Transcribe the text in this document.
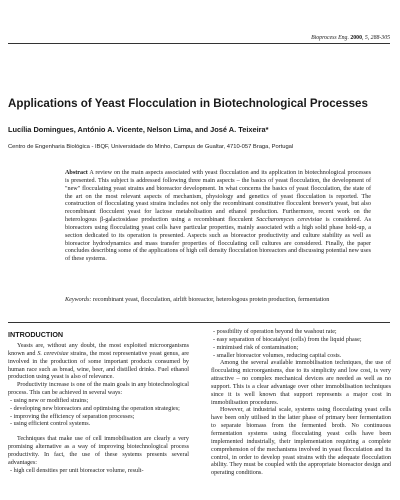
Bioprocess Eng. 2000, 5, 288-305
Applications of Yeast Flocculation in Biotechnological Processes
Lucília Domingues, António A. Vicente, Nelson Lima, and José A. Teixeira*
Centro de Engenharia Biológica - IBQF, Universidade do Minho, Campus de Gualtar, 4710-057 Braga, Portugal

Abstract A review on the main aspects associated with yeast flocculation and its application in biotechnological processes is presented. This subject is addressed following three main aspects – the basics of yeast flocculation, the development of "new" flocculating yeast strains and bioreactor development. In what concerns the basics of yeast flocculation, the state of the art on the most relevant aspects of mechanism, physiology and genetics of yeast flocculation is reported. The construction of flocculating yeast strains includes not only the recombinant constitutive flocculent brewer's yeast, but also recombinant flocculent yeast for lactose metabolisation and ethanol production. Furthermore, recent work on the heterologous β-galactosidase production using a recombinant flocculent Saccharomyces cerevisiae is considered. As bioreactors using flocculating yeast cells have particular properties, mainly associated with a high solid phase hold-up, a section dedicated to its operation is presented. Aspects such as bioreactor productivity and culture stability as well as bioreactor hydrodynamics and mass transfer properties of flocculating cell cultures are considered. Finally, the paper concludes describing some of the applications of high cell density flocculation bioreactors and discussing potential new uses of these systems.

Keywords: recombinant yeast, flocculation, airlift bioreactor, heterologous protein production, fermentation
INTRODUCTION

Yeasts are, without any doubt, the most exploited microorganisms known and S. cerevisiae strains, the most representative yeast genus, are involved in the production of some important products consumed by human race such as bread, wine, beer, and distilled drinks. Fuel ethanol production using yeast is also of relevance.

Productivity increase is one of the main goals in any biotechnological process. This can be achieved in several ways:

- using new or modified strains;
- developing new bioreactors and optimising the operation strategies;
- improving the efficiency of separation processes;
- using efficient control systems.

Techniques that make use of cell immobilisation are clearly a very promising alternative as a way of improving biotechnological process productivity. In fact, the use of these systems presents several advantages:

- high cell densities per unit bioreactor volume, result-
- possibility of operation beyond the washout rate;
- easy separation of biocatalyst (cells) from the liquid phase;
- minimised risk of contamination;
- smaller bioreactor volumes, reducing capital costs.

Among the several available immobilisation techniques, the use of flocculating microorganisms, due to its simplicity and low cost, is very attractive – no complex mechanical devices are needed as well as no support. This is a clear advantage over other immobilisation techniques since it is well known that support represents a major cost in immobilisation procedures.

However, at industrial scale, systems using flocculating yeast cells have been only utilised in the latter phase of primary beer fermentation to separate biomass from the fermented broth. No continuous fermentation systems using flocculating yeast cells have been implemented industrially, their implementation requiring a complete comprehension of the mechanisms involved in yeast flocculation and its control, in order to develop yeast strains with the adequate flocculation ability. They must be coupled with the appropriate bioreactor design and operating conditions.
